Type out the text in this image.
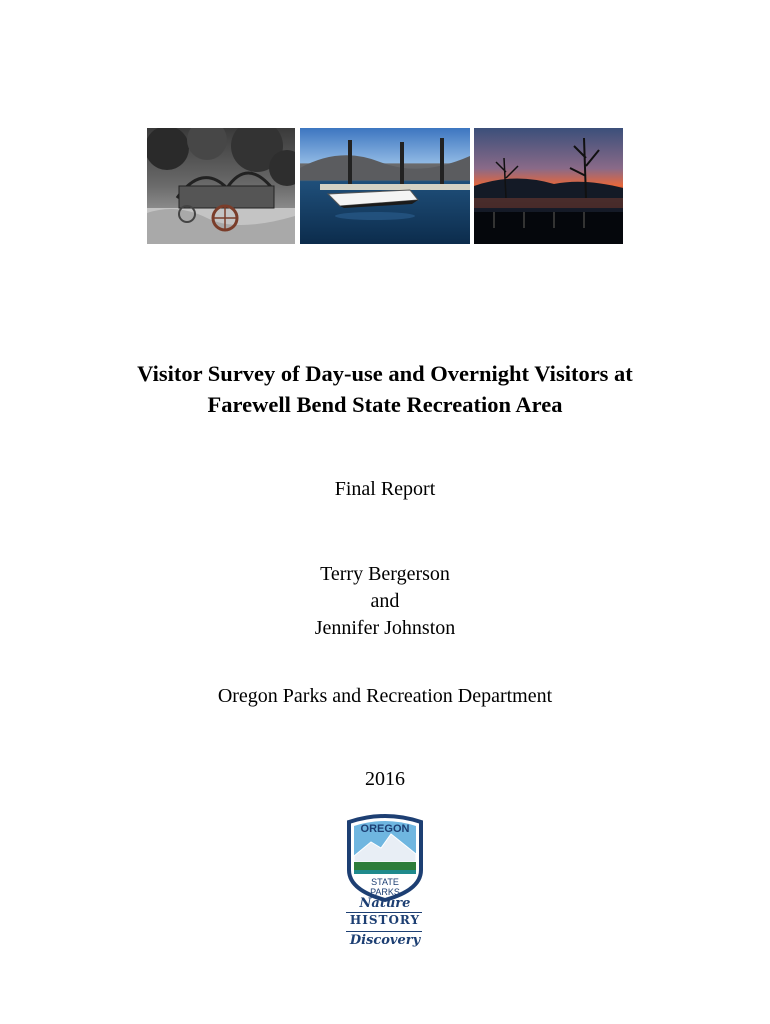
Visitor Survey of Day-use and Overnight Visitors at
Farewell Bend State Recreation Area
Final Report
Terry Bergerson
and
Jennifer Johnston
Oregon Parks and Recreation Department
2016
OREGON
STATE
PARKS
Nature
HISTORY
Discovery
